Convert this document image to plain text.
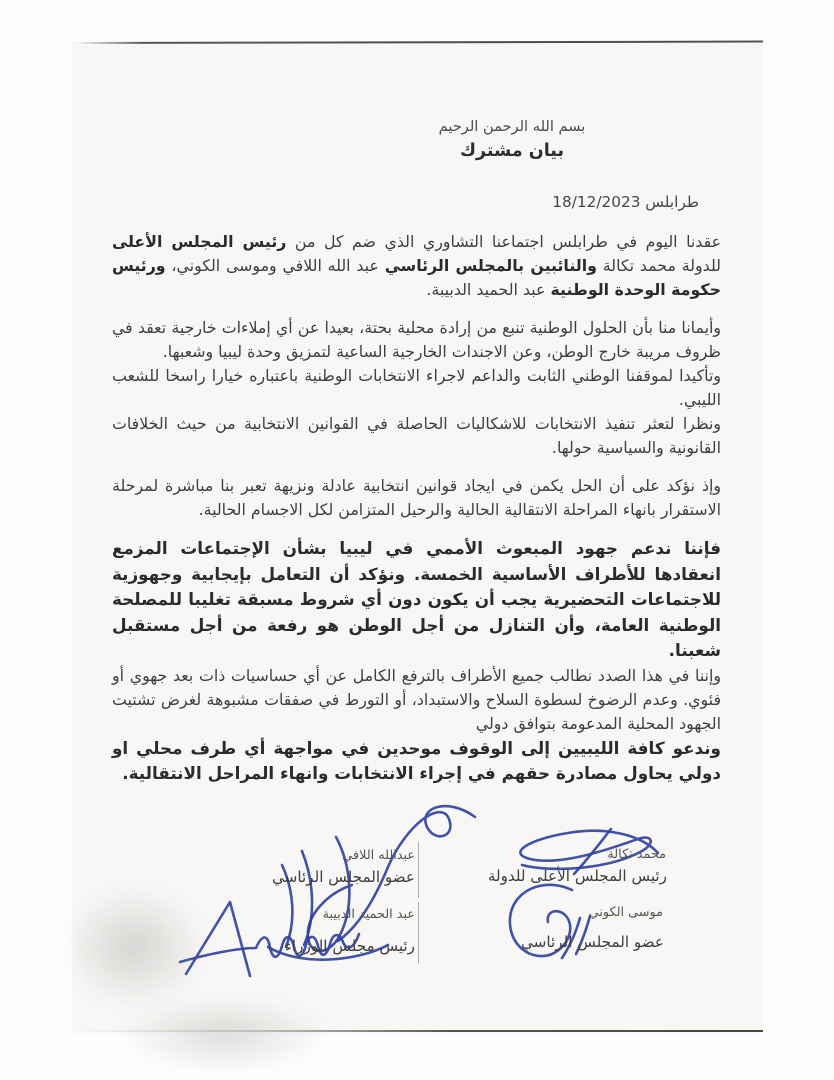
بسم الله الرحمن الرحيم
بيان مشترك
طرابلس 18/12/2023

عقدنا اليوم في طرابلس اجتماعنا التشاوري الذي ضم كل من رئيس المجلس الأعلى للدولة محمد تكالة والنائبين بالمجلس الرئاسي عبد الله اللافي وموسى الكوني، ورئيس حكومة الوحدة الوطنية عبد الحميد الدبيبة.

وأيمانا منا بأن الحلول الوطنية تنبع من إرادة محلية بحتة، بعيدا عن أي إملاءات خارجية تعقد في ظروف مريبة خارج الوطن، وعن الاجندات الخارجية الساعية لتمزيق وحدة ليبيا وشعبها.

وتأكيدا لموقفنا الوطني الثابت والداعم لاجراء الانتخابات الوطنية باعتباره خيارا راسخا للشعب الليبي.

ونظرا لتعثر تنفيذ الانتخابات للاشكاليات الحاصلة في القوانين الانتخابية من حيث الخلافات القانونية والسياسية حولها.

وإذ نؤكد على أن الحل يكمن في ايجاد قوانين انتخابية عادلة ونزيهة تعبر بنا مباشرة لمرحلة الاستقرار بانهاء المراحلة الانتقالية الحالية والرحيل المتزامن لكل الاجسام الحالية.

فإننا ندعم جهود المبعوث الأممي في ليبيا بشأن الإجتماعات المزمع انعقادها للأطراف الأساسية الخمسة. ونؤكد أن التعامل بإيجابية وجهوزية للاجتماعات التحضيرية يجب أن يكون دون أي شروط مسبقة تغليبا للمصلحة الوطنية العامة، وأن التنازل من أجل الوطن هو رفعة من أجل مستقبل شعبنا.

وإننا في هذا الصدد نطالب جميع الأطراف بالترفع الكامل عن أي حساسيات ذات بعد جهوي أو فئوي. وعدم الرضوخ لسطوة السلاح والاستبداد، أو التورط في صفقات مشبوهة لغرض تشتيت الجهود المحلية المدعومة بتوافق دولي

وندعو كافة الليبيين إلى الوقوف موحدين في مواجهة أي طرف محلي او دولي يحاول مصادرة حقهم في إجراء الانتخابات وانهاء المراحل الانتقالية.

محمد تكالة
رئيس المجلس الأعلى للدولة
موسى الكوني
عضو المجلس الرئاسي
عبدالله اللافي
عضو المجلس الرئاسي
عبد الحميد الدبيبة
رئيس مجلس الوزراء
